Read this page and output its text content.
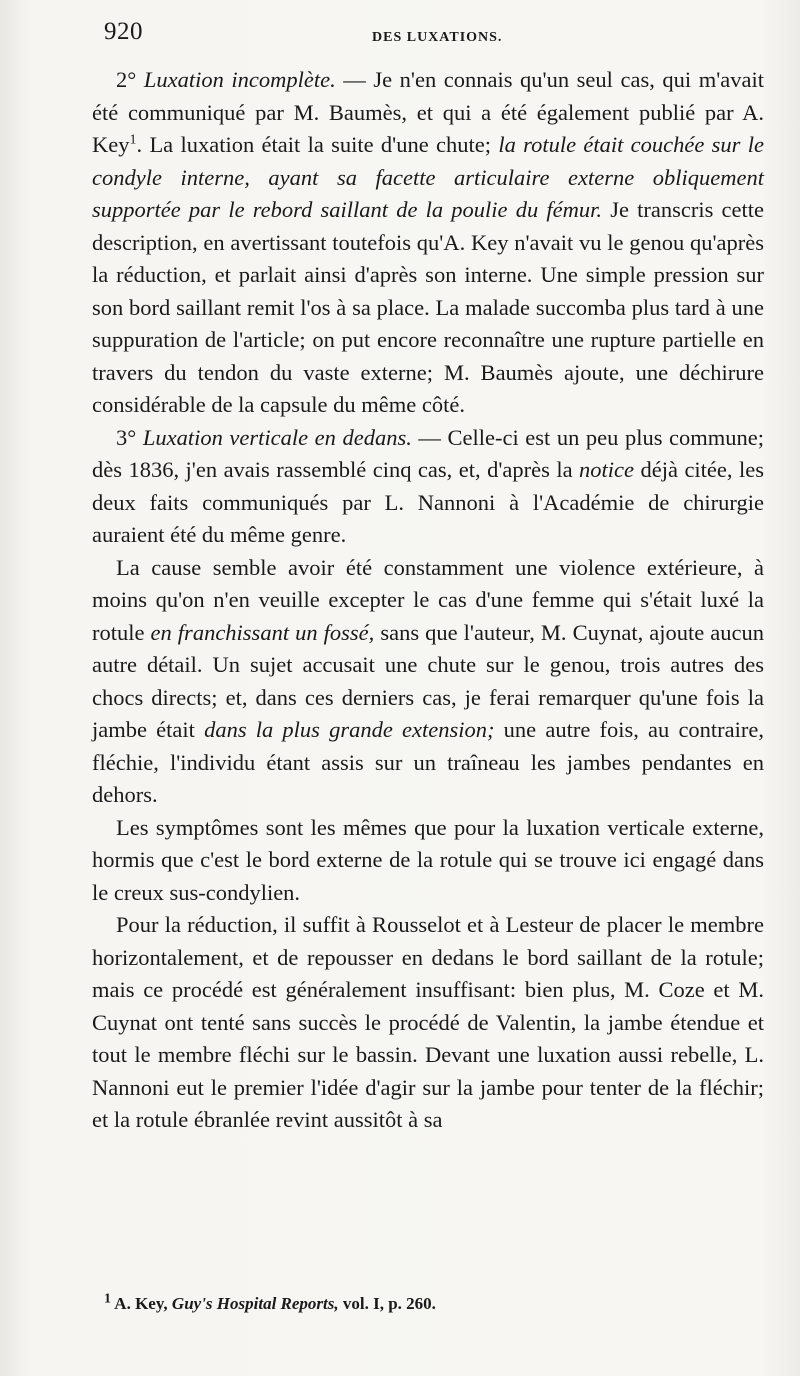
920	DES LUXATIONS.

2° Luxation incomplète. — Je n'en connais qu'un seul cas, qui m'avait été communiqué par M. Baumès, et qui a été également publié par A. Key$^1$. La luxation était la suite d'une chute; la rotule était couchée sur le condyle interne, ayant sa facette articulaire externe obliquement supportée par le rebord saillant de la poulie du fémur. Je transcris cette description, en avertissant toutefois qu'A. Key n'avait vu le genou qu'après la réduction, et parlait ainsi d'après son interne. Une simple pression sur son bord saillant remit l'os à sa place. La malade succomba plus tard à une suppuration de l'article; on put encore reconnaître une rupture partielle en travers du tendon du vaste externe; M. Baumès ajoute, une déchirure considérable de la capsule du même côté.

3° Luxation verticale en dedans. — Celle-ci est un peu plus commune; dès 1836, j'en avais rassemblé cinq cas, et, d'après la notice déjà citée, les deux faits communiqués par L. Nannoni à l'Académie de chirurgie auraient été du même genre.

La cause semble avoir été constamment une violence extérieure, à moins qu'on n'en veuille excepter le cas d'une femme qui s'était luxé la rotule en franchissant un fossé, sans que l'auteur, M. Cuynat, ajoute aucun autre détail. Un sujet accusait une chute sur le genou, trois autres des chocs directs; et, dans ces derniers cas, je ferai remarquer qu'une fois la jambe était dans la plus grande extension; une autre fois, au contraire, fléchie, l'individu étant assis sur un traîneau les jambes pendantes en dehors.

Les symptômes sont les mêmes que pour la luxation verticale externe, hormis que c'est le bord externe de la rotule qui se trouve ici engagé dans le creux sus-condylien.

Pour la réduction, il suffit à Rousselot et à Lesteur de placer le membre horizontalement, et de repousser en dedans le bord saillant de la rotule; mais ce procédé est généralement insuffisant: bien plus, M. Coze et M. Cuynat ont tenté sans succès le procédé de Valentin, la jambe étendue et tout le membre fléchi sur le bassin. Devant une luxation aussi rebelle, L. Nannoni eut le premier l'idée d'agir sur la jambe pour tenter de la fléchir; et la rotule ébranlée revint aussitôt à sa

$^1$ A. Key, Guy's Hospital Reports, vol. I, p. 260.
